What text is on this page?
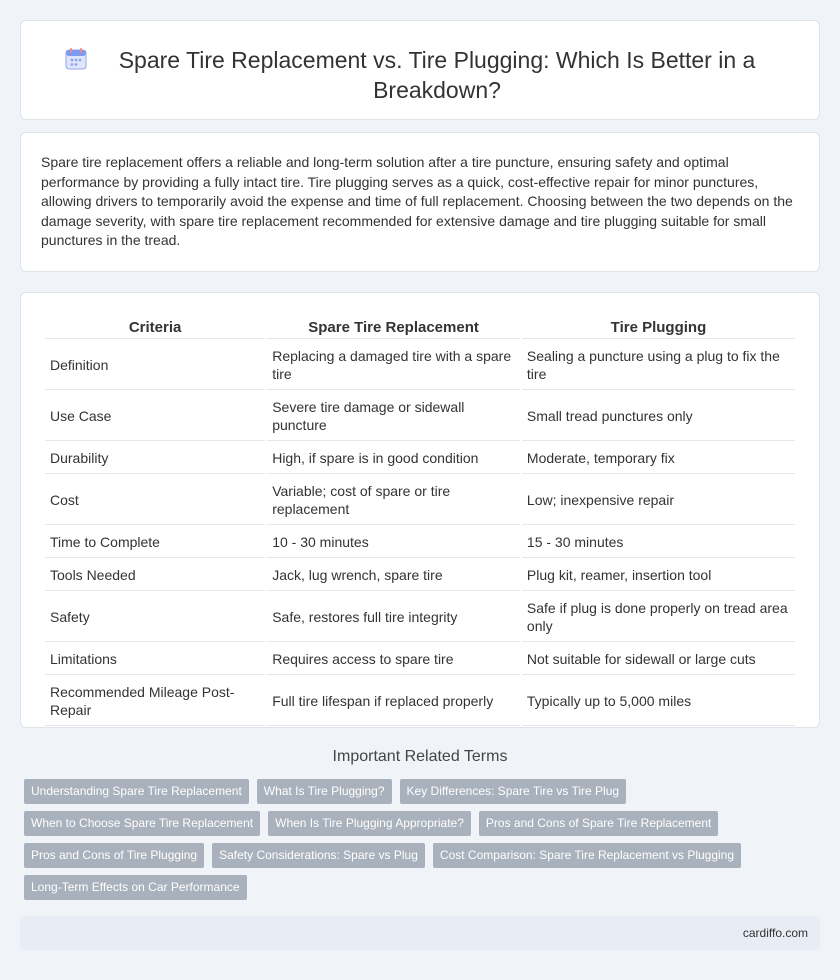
Spare Tire Replacement vs. Tire Plugging: Which Is Better in a Breakdown?

Spare tire replacement offers a reliable and long-term solution after a tire puncture, ensuring safety and optimal performance by providing a fully intact tire. Tire plugging serves as a quick, cost-effective repair for minor punctures, allowing drivers to temporarily avoid the expense and time of full replacement. Choosing between the two depends on the damage severity, with spare tire replacement recommended for extensive damage and tire plugging suitable for small punctures in the tread.

Criteria	Spare Tire Replacement	Tire Plugging
Definition	Replacing a damaged tire with a spare tire	Sealing a puncture using a plug to fix the tire
Use Case	Severe tire damage or sidewall puncture	Small tread punctures only
Durability	High, if spare is in good condition	Moderate, temporary fix
Cost	Variable; cost of spare or tire replacement	Low; inexpensive repair
Time to Complete	10 - 30 minutes	15 - 30 minutes
Tools Needed	Jack, lug wrench, spare tire	Plug kit, reamer, insertion tool
Safety	Safe, restores full tire integrity	Safe if plug is done properly on tread area only
Limitations	Requires access to spare tire	Not suitable for sidewall or large cuts
Recommended Mileage Post-Repair	Full tire lifespan if replaced properly	Typically up to 5,000 miles
Important Related Terms
Understanding Spare Tire Replacement	What Is Tire Plugging?	Key Differences: Spare Tire vs Tire Plug
When to Choose Spare Tire Replacement	When Is Tire Plugging Appropriate?	Pros and Cons of Spare Tire Replacement
Pros and Cons of Tire Plugging	Safety Considerations: Spare vs Plug	Cost Comparison: Spare Tire Replacement vs Plugging
Long-Term Effects on Car Performance
cardiffo.com
